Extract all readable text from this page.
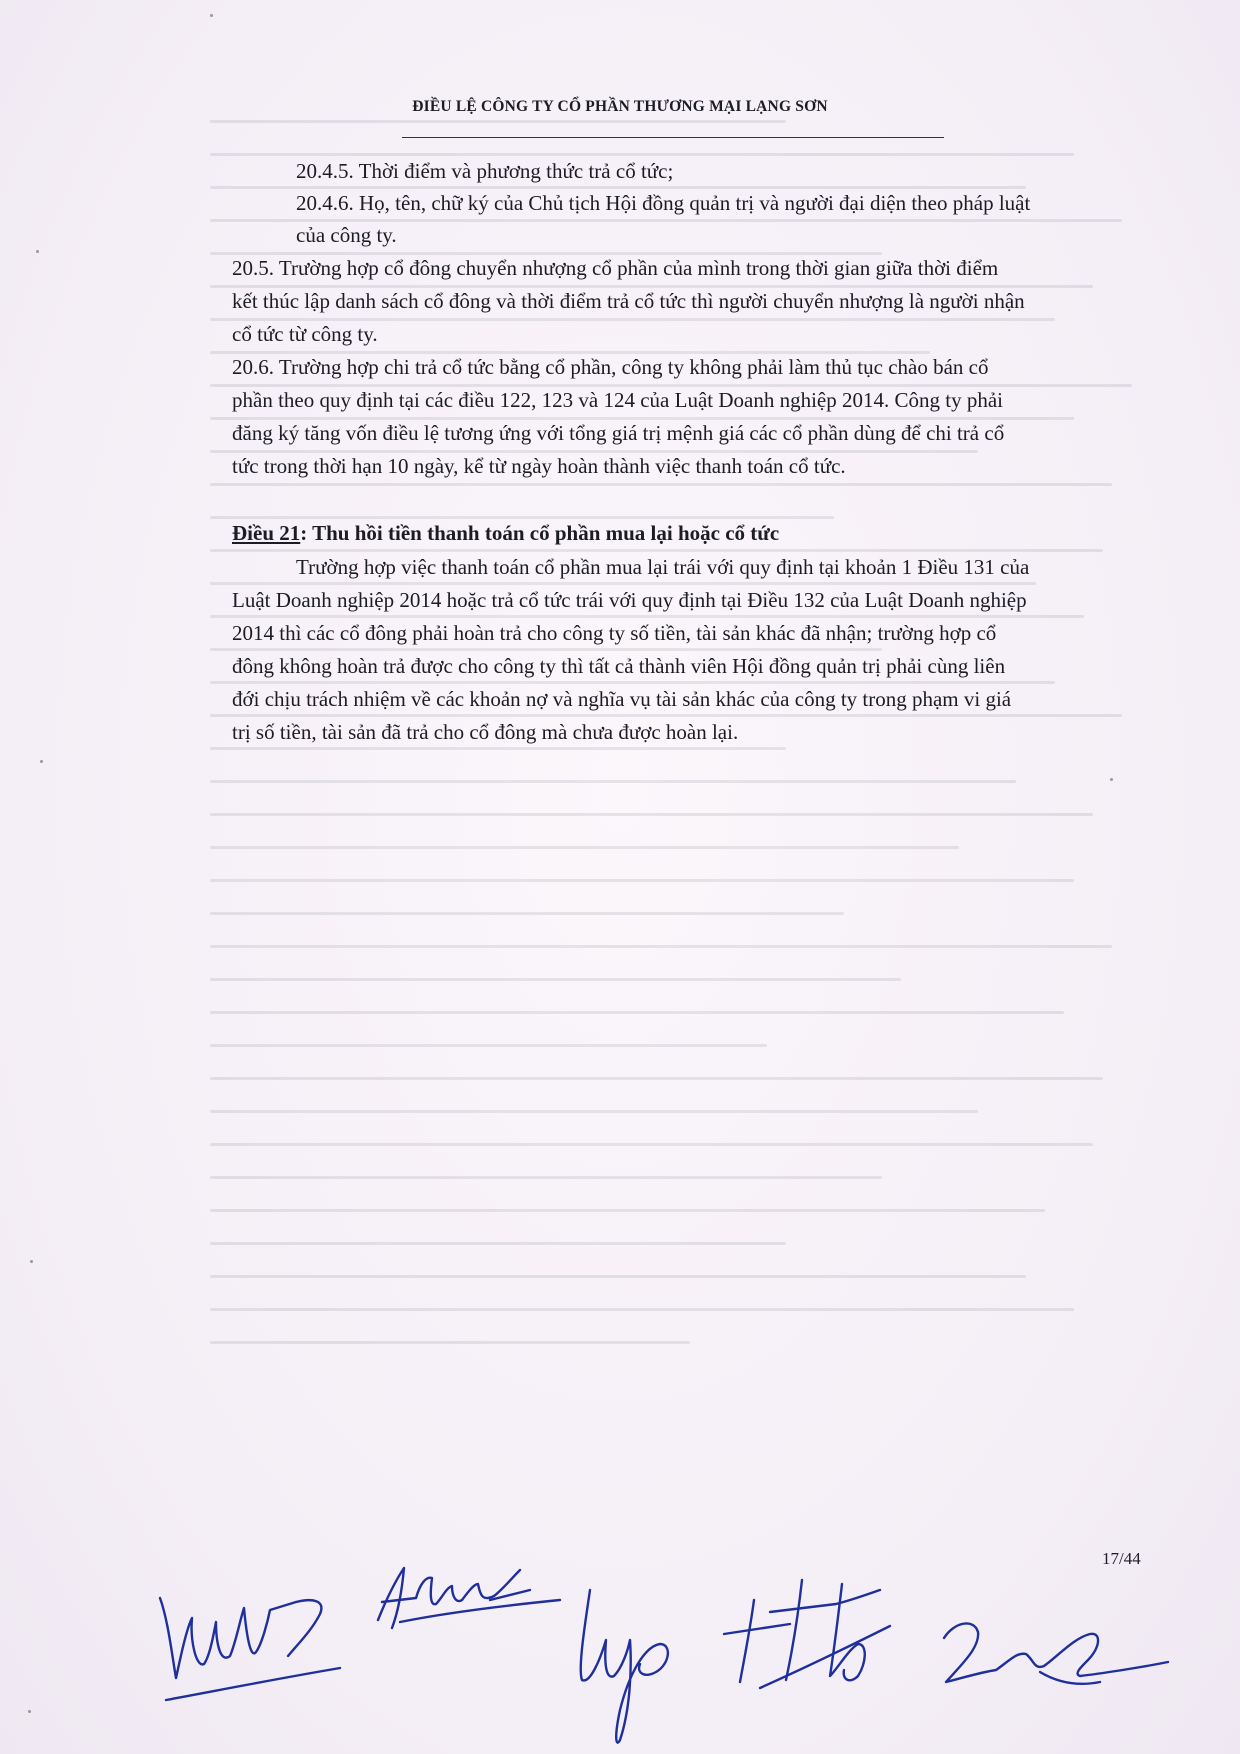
ĐIỀU LỆ CÔNG TY CỔ PHẦN THƯƠNG MẠI LẠNG SƠN
20.4.5. Thời điểm và phương thức trả cổ tức;
20.4.6. Họ, tên, chữ ký của Chủ tịch Hội đồng quản trị và người đại diện theo pháp luật
của công ty.
20.5. Trường hợp cổ đông chuyển nhượng cổ phần của mình trong thời gian giữa thời điểm
kết thúc lập danh sách cổ đông và thời điểm trả cổ tức thì người chuyển nhượng là người nhận
cổ tức từ công ty.
20.6. Trường hợp chi trả cổ tức bằng cổ phần, công ty không phải làm thủ tục chào bán cổ
phần theo quy định tại các điều 122, 123 và 124 của Luật Doanh nghiệp 2014. Công ty phải
đăng ký tăng vốn điều lệ tương ứng với tổng giá trị mệnh giá các cổ phần dùng để chi trả cổ
tức trong thời hạn 10 ngày, kể từ ngày hoàn thành việc thanh toán cổ tức.
Điều 21: Thu hồi tiền thanh toán cổ phần mua lại hoặc cổ tức
Trường hợp việc thanh toán cổ phần mua lại trái với quy định tại khoản 1 Điều 131 của
Luật Doanh nghiệp 2014 hoặc trả cổ tức trái với quy định tại Điều 132 của Luật Doanh nghiệp
2014 thì các cổ đông phải hoàn trả cho công ty số tiền, tài sản khác đã nhận; trường hợp cổ
đông không hoàn trả được cho công ty thì tất cả thành viên Hội đồng quản trị phải cùng liên
đới chịu trách nhiệm về các khoản nợ và nghĩa vụ tài sản khác của công ty trong phạm vi giá
trị số tiền, tài sản đã trả cho cổ đông mà chưa được hoàn lại.
17/44
